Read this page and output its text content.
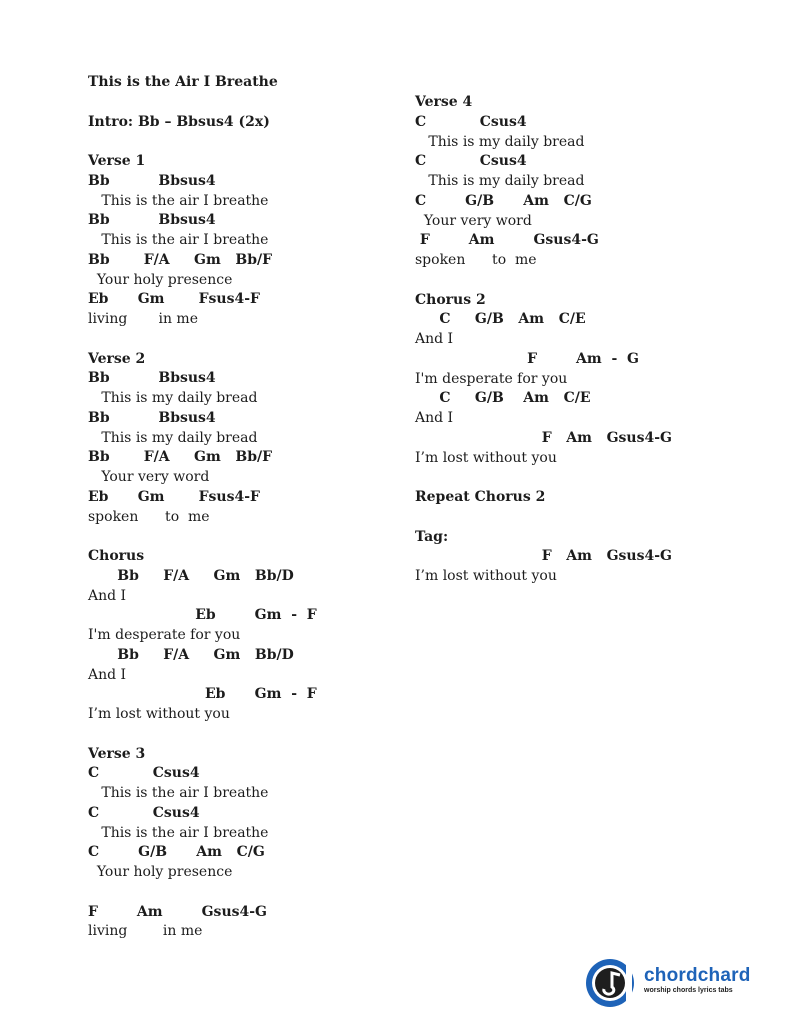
This is the Air I Breathe
Intro: Bb – Bbsus4 (2x)
Verse 1
Bb          Bbsus4
This is the air I breathe
Bb          Bbsus4
This is the air I breathe
Bb       F/A     Gm   Bb/F
Your holy presence
Eb      Gm       Fsus4-F
living       in me
Verse 2
Bb          Bbsus4
This is my daily bread
Bb          Bbsus4
This is my daily bread
Bb       F/A     Gm   Bb/F
Your very word
Eb      Gm       Fsus4-F
spoken      to  me
Chorus
Bb     F/A     Gm   Bb/D
And I
Eb        Gm  -  F
I'm desperate for you
Bb     F/A     Gm   Bb/D
And I
Eb      Gm  -  F
I’m lost without you
Verse 3
C           Csus4
This is the air I breathe
C           Csus4
This is the air I breathe
C        G/B      Am   C/G
Your holy presence
F        Am        Gsus4-G
living        in me
Verse 4
C           Csus4
This is my daily bread
C           Csus4
This is my daily bread
C        G/B      Am   C/G
Your very word
F        Am        Gsus4-G
spoken      to  me
Chorus 2
C     G/B   Am   C/E
And I
F        Am  -  G
I'm desperate for you
C     G/B    Am   C/E
And I
F   Am   Gsus4-G
I’m lost without you
Repeat Chorus 2
Tag:
F   Am   Gsus4-G
I’m lost without you
chordchard
worship chords lyrics tabs
